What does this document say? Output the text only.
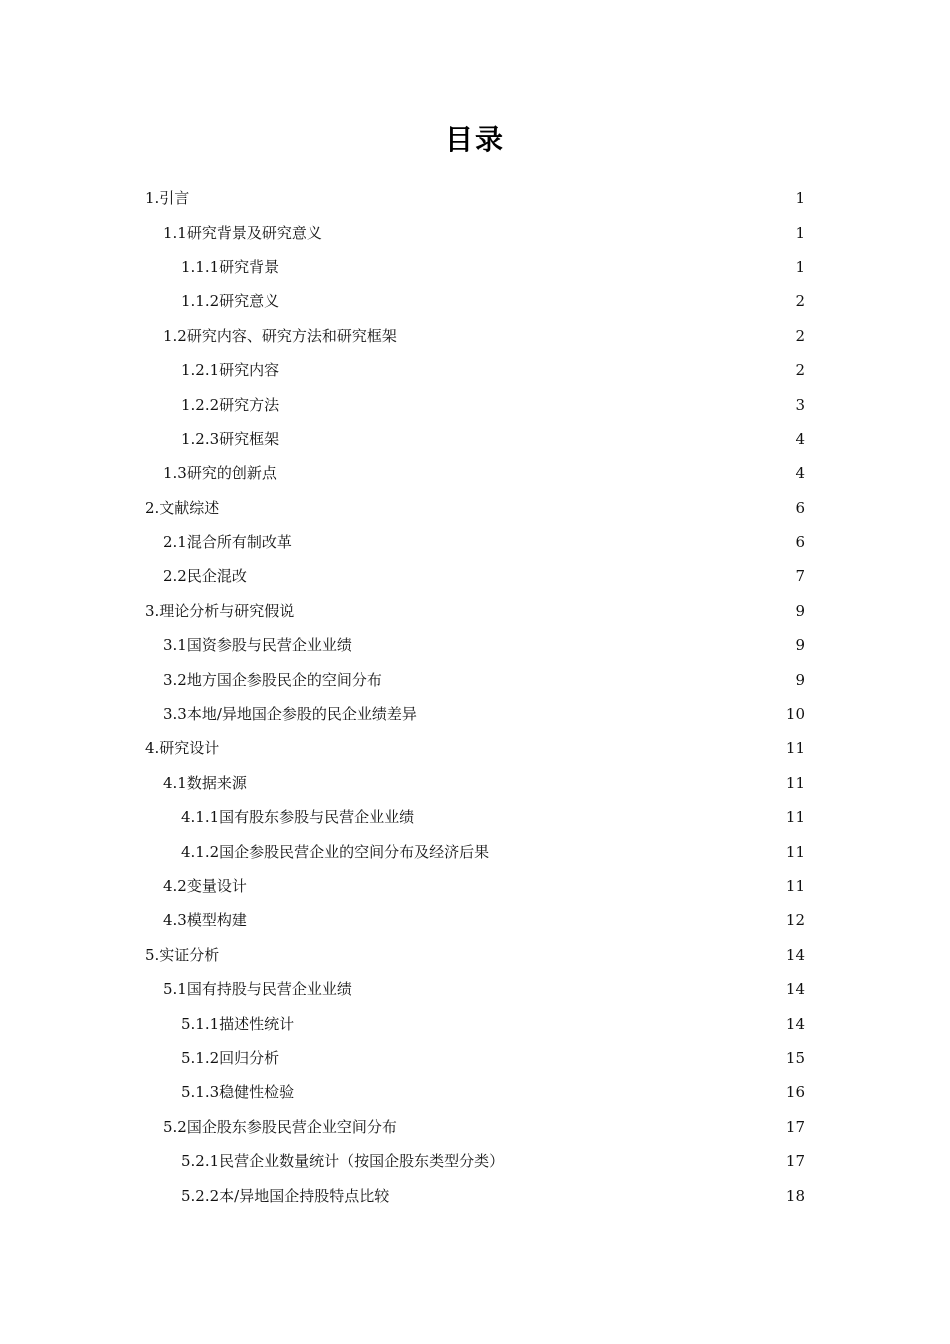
目录
1.引言	1
1.1研究背景及研究意义	1
1.1.1研究背景	1
1.1.2研究意义	2
1.2研究内容、研究方法和研究框架	2
1.2.1研究内容	2
1.2.2研究方法	3
1.2.3研究框架	4
1.3研究的创新点	4
2.文献综述	6
2.1混合所有制改革	6
2.2民企混改	7
3.理论分析与研究假说	9
3.1国资参股与民营企业业绩	9
3.2地方国企参股民企的空间分布	9
3.3本地/异地国企参股的民企业绩差异	10
4.研究设计	11
4.1数据来源	11
4.1.1国有股东参股与民营企业业绩	11
4.1.2国企参股民营企业的空间分布及经济后果	11
4.2变量设计	11
4.3模型构建	12
5.实证分析	14
5.1国有持股与民营企业业绩	14
5.1.1描述性统计	14
5.1.2回归分析	15
5.1.3稳健性检验	16
5.2国企股东参股民营企业空间分布	17
5.2.1民营企业数量统计（按国企股东类型分类）	17
5.2.2本/异地国企持股特点比较	18
